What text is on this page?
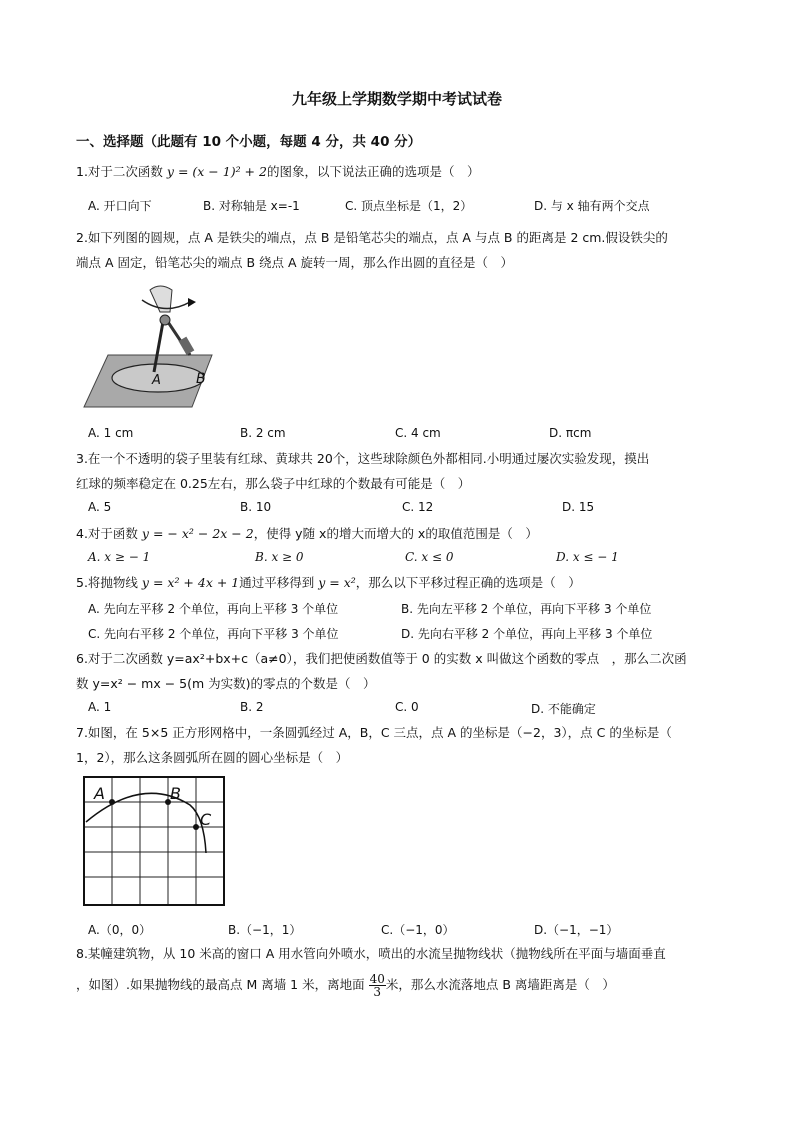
九年级上学期数学期中考试试卷
一、选择题（此题有 10 个小题，每题 4 分，共 40 分）
1.对于二次函数 y = (x − 1)² + 2的图象，以下说法正确的选项是（　）
A. 开口向下	B. 对称轴是 x=-1	C. 顶点坐标是（1，2）	D. 与 x 轴有两个交点
2.如下列图的圆规，点 A 是铁尖的端点，点 B 是铅笔芯尖的端点，点 A 与点 B 的距离是 2 cm.假设铁尖的
端点 A 固定，铅笔芯尖的端点 B 绕点 A 旋转一周，那么作出圆的直径是（　）
A	B
A. 1 cm	B. 2 cm	C. 4 cm	D. πcm
3.在一个不透明的袋子里装有红球、黄球共 20个，这些球除颜色外都相同.小明通过屡次实验发现，摸出
红球的频率稳定在 0.25左右，那么袋子中红球的个数最有可能是（　）
A. 5	B. 10	C. 12	D. 15
4.对于函数 y = − x² − 2x − 2，使得 y随 x的增大而增大的 x的取值范围是（　）
A. x ≥ − 1	B. x ≥ 0	C. x ≤ 0	D. x ≤ − 1
5.将抛物线 y = x² + 4x + 1通过平移得到 y = x²，那么以下平移过程正确的选项是（　）
A. 先向左平移 2 个单位，再向上平移 3 个单位	B. 先向左平移 2 个单位，再向下平移 3 个单位
C. 先向右平移 2 个单位，再向下平移 3 个单位	D. 先向右平移 2 个单位，再向上平移 3 个单位
6.对于二次函数 y=ax²+bx+c（a≠0），我们把使函数值等于 0 的实数 x 叫做这个函数的零点　，那么二次函
数 y=x² − mx − 5(m 为实数)的零点的个数是（　）
A. 1	B. 2	C. 0	D. 不能确定
7.如图，在 5×5 正方形网格中，一条圆弧经过 A，B，C 三点，点 A 的坐标是（−2，3），点 C 的坐标是（
1，2），那么这条圆弧所在圆的圆心坐标是（　）
A	B
C
A.（0，0）	B.（−1，1）	C.（−1，0）	D.（−1，−1）
8.某幢建筑物，从 10 米高的窗口 A 用水管向外喷水，喷出的水流呈抛物线状（抛物线所在平面与墙面垂直
，如图）.如果抛物线的最高点 M 离墙 1 米，离地面 $\frac{40}{3}$ 米，那么水流落地点 B 离墙距离是（　）
